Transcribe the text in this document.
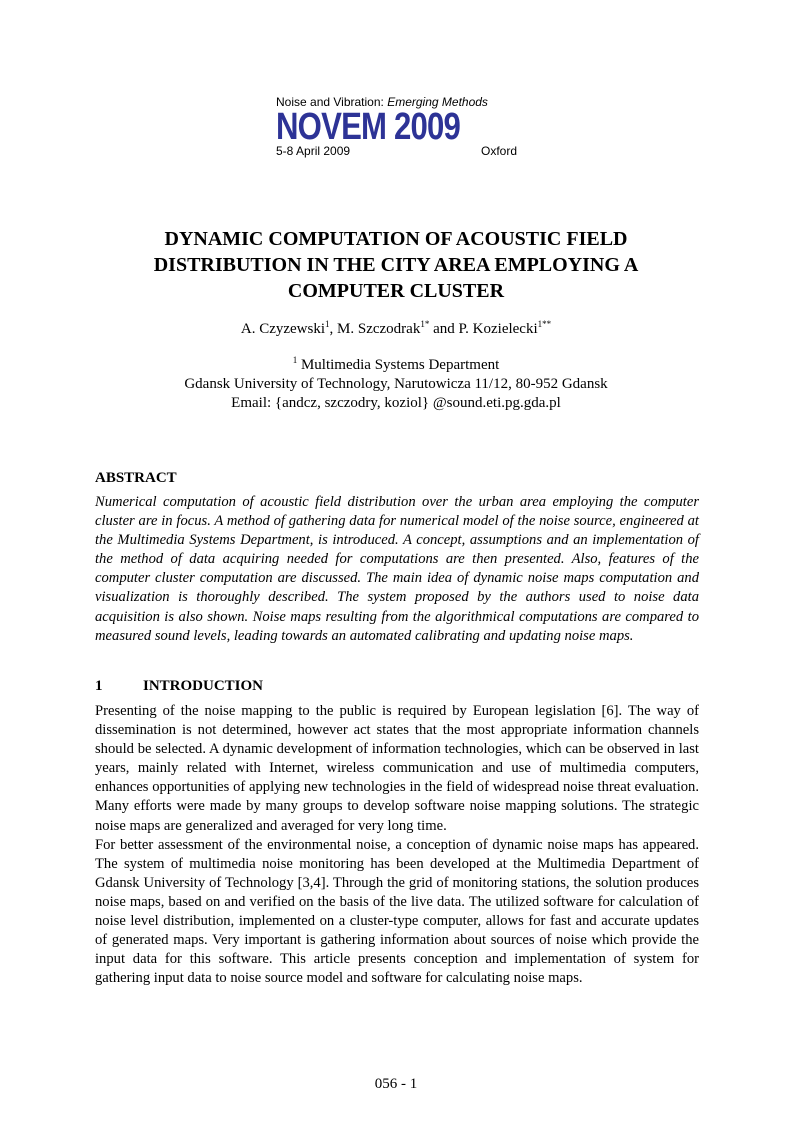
Noise and Vibration: Emerging Methods
NOVEM 2009
5-8 April 2009	Oxford
DYNAMIC COMPUTATION OF ACOUSTIC FIELD
DISTRIBUTION IN THE CITY AREA EMPLOYING A
COMPUTER CLUSTER
A. Czyzewski$^1$, M. Szczodrak$^{1*}$ and P. Kozielecki$^{1**}$
$^1$ Multimedia Systems Department
Gdansk University of Technology, Narutowicza 11/12, 80-952 Gdansk
Email: {andcz, szczodry, koziol} @sound.eti.pg.gda.pl
ABSTRACT
Numerical computation of acoustic field distribution over the urban area employing the computer cluster are in focus. A method of gathering data for numerical model of the noise source, engineered at the Multimedia Systems Department, is introduced. A concept, assumptions and an implementation of the method of data acquiring needed for computations are then presented. Also, features of the computer cluster computation are discussed. The main idea of dynamic noise maps computation and visualization is thoroughly described. The system proposed by the authors used to noise data acquisition is also shown. Noise maps resulting from the algorithmical computations are compared to measured sound levels, leading towards an automated calibrating and updating noise maps.
1	INTRODUCTION

Presenting of the noise mapping to the public is required by European legislation [6]. The way of dissemination is not determined, however act states that the most appropriate information channels should be selected. A dynamic development of information technologies, which can be observed in last years, mainly related with Internet, wireless communication and use of multimedia computers, enhances opportunities of applying new technologies in the field of widespread noise threat evaluation. Many efforts were made by many groups to develop software noise mapping solutions. The strategic noise maps are generalized and averaged for very long time.

For better assessment of the environmental noise, a conception of dynamic noise maps has appeared. The system of multimedia noise monitoring has been developed at the Multimedia Department of Gdansk University of Technology [3,4]. Through the grid of monitoring stations, the solution produces noise maps, based on and verified on the basis of the live data. The utilized software for calculation of noise level distribution, implemented on a cluster-type computer, allows for fast and accurate updates of generated maps. Very important is gathering information about sources of noise which provide the input data for this software. This article presents conception and implementation of system for gathering input data to noise source model and software for calculating noise maps.

056 - 1
